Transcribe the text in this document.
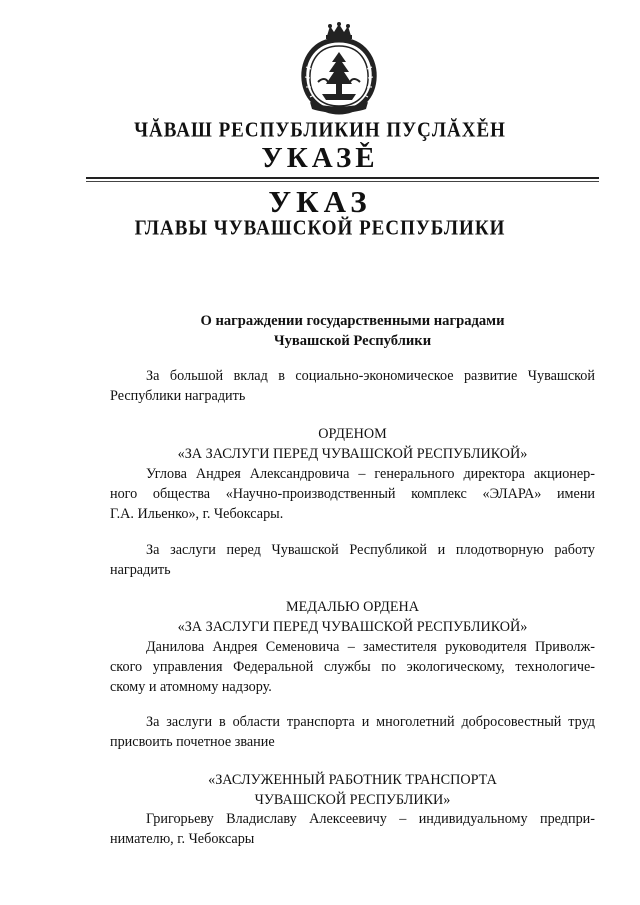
ЧĂВАШ РЕСПУБЛИКИН ПУÇЛĂХĚН

УКАЗĚ

УКАЗ

ГЛАВЫ ЧУВАШСКОЙ РЕСПУБЛИКИ

О награждении государственными наградами
Чувашской Республики
За большой вклад в социально-экономическое развитие Чувашской
Республики наградить
ОРДЕНОМ
«ЗА ЗАСЛУГИ ПЕРЕД ЧУВАШСКОЙ РЕСПУБЛИКОЙ»
Углова Андрея Александровича – генерального директора акционер-
ного общества «Научно-производственный комплекс «ЭЛАРА» имени
Г.А. Ильенко», г. Чебоксары.
За заслуги перед Чувашской Республикой и плодотворную работу
наградить
МЕДАЛЬЮ ОРДЕНА
«ЗА ЗАСЛУГИ ПЕРЕД ЧУВАШСКОЙ РЕСПУБЛИКОЙ»
Данилова Андрея Семеновича – заместителя руководителя Приволж-
ского управления Федеральной службы по экологическому, технологиче-
скому и атомному надзору.
За заслуги в области транспорта и многолетний добросовестный труд
присвоить почетное звание
«ЗАСЛУЖЕННЫЙ РАБОТНИК ТРАНСПОРТА
ЧУВАШСКОЙ РЕСПУБЛИКИ»
Григорьеву Владиславу Алексеевичу – индивидуальному предпри-
нимателю, г. Чебоксары
